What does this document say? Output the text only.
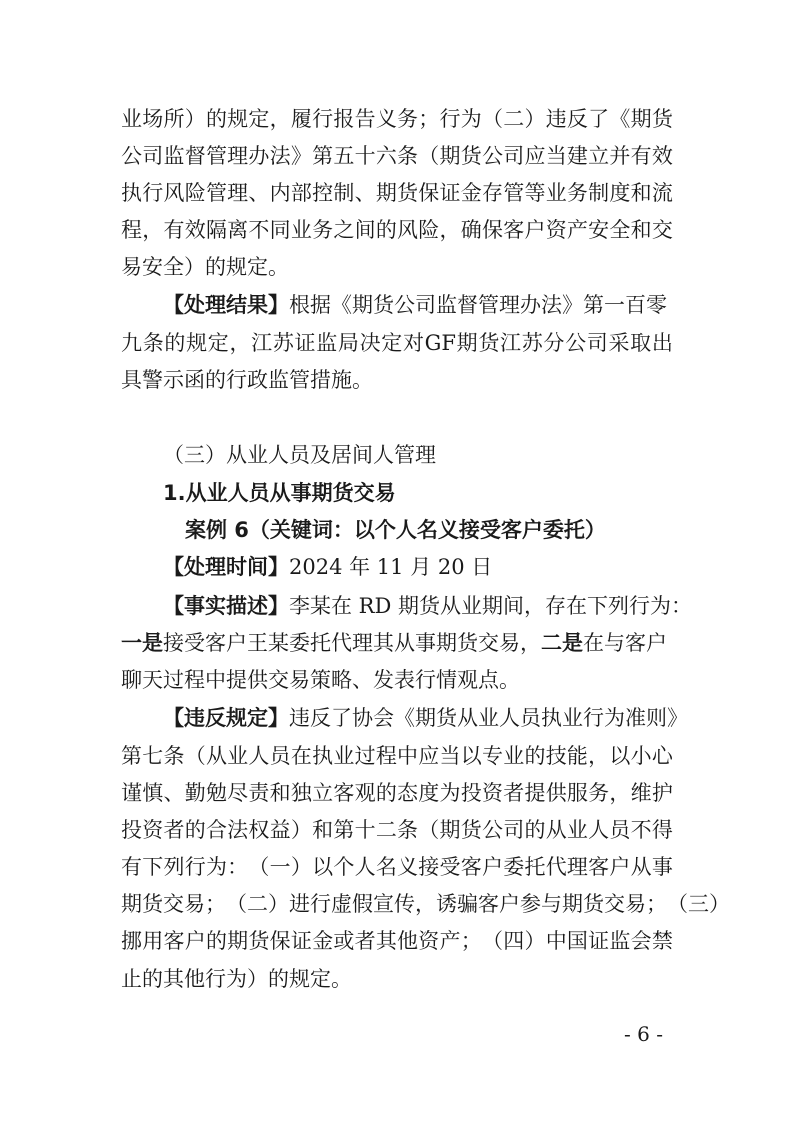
业 场 所 ） 的 规 定 ， 履 行 报 告 义 务 ； 行 为 （ 二 ） 违 反 了 《 期 货
公 司 监 督 管 理 办 法 》 第 五 十 六 条 （ 期 货 公 司 应 当 建 立 并 有 效
执 行 风 险 管 理 、 内 部 控 制 、 期 货 保 证 金 存 管 等 业 务 制 度 和 流
程 ， 有 效 隔 离 不 同 业 务 之 间 的 风 险 ， 确 保 客 户 资 产 安 全 和 交
易安全）的规定。
【处理结果】根据《期货公司监督管理办法》第一百零
九 条 的 规 定 ， 江 苏 证 监 局 决 定 对 GF 期 货 江 苏 分 公 司 采 取 出
具警示函的行政监管措施。
（三）从业人员及居间人管理
1.从业人员从事期货交易
案例 6（关键词：以个人名义接受客户委托）
【处理时间】2024 年 11 月 20 日
【事实描述】李某在 RD 期货从业期间，存在下列行为：
一是接受客户王某委托代理其从事期货交易，二是在与客户
聊天过程中提供交易策略、发表行情观点。
【违反规定】违反了协会《期货从业人员执业行为准则》
第 七 条 （ 从 业 人 员 在 执 业 过 程 中 应 当 以 专 业 的 技 能 ， 以 小 心
谨 慎 、 勤 勉 尽 责 和 独 立 客 观 的 态 度 为 投 资 者 提 供 服 务 ， 维 护
投 资 者 的 合 法 权 益 ） 和 第 十 二 条 （ 期 货 公 司 的 从 业 人 员 不 得
有 下 列 行 为 ： （ 一 ） 以 个 人 名 义 接 受 客 户 委 托 代 理 客 户 从 事
期 货 交 易 ； （ 二 ） 进 行 虚 假 宣 传 ， 诱 骗 客 户 参 与 期 货 交 易 ； （ 三 ）
挪 用 客 户 的 期 货 保 证 金 或 者 其 他 资 产 ； （ 四 ） 中 国 证 监 会 禁
止的其他行为）的规定。
- 6 -
